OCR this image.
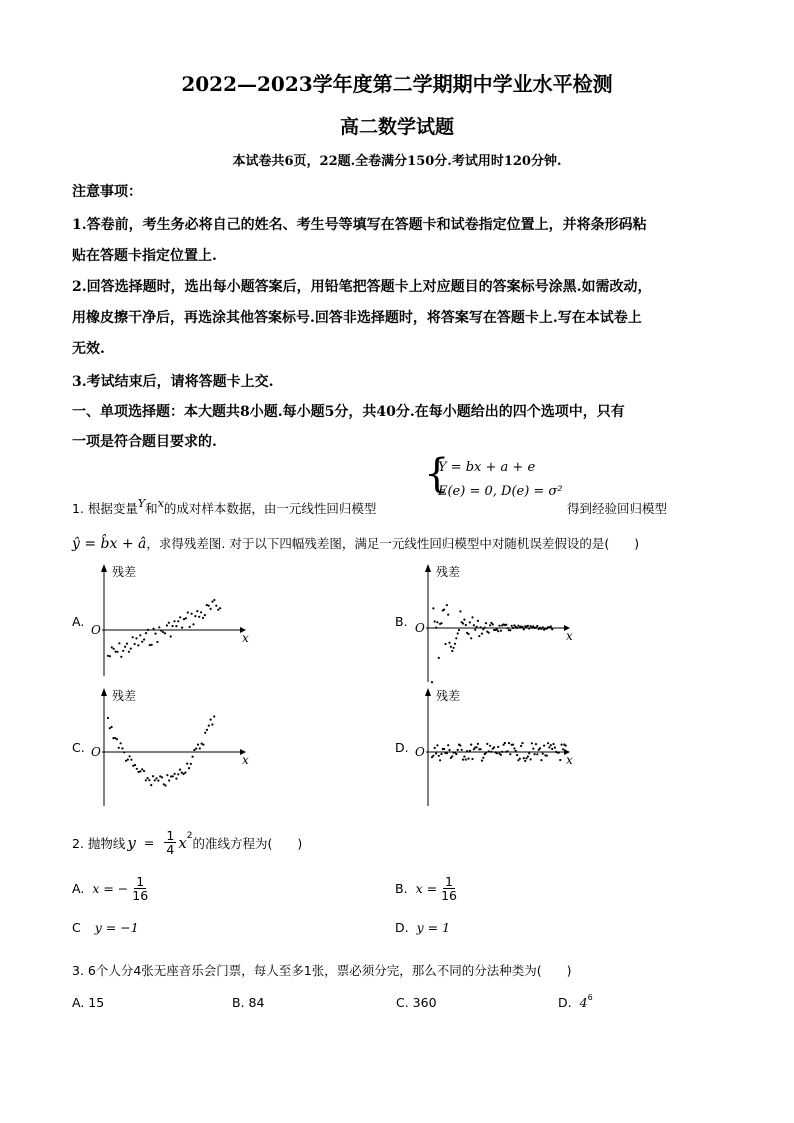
2022—2023学年度第二学期期中学业水平检测
高二数学试题
本试卷共6页，22题.全卷满分150分.考试用时120分钟.
注意事项：
1.答卷前，考生务必将自己的姓名、考生号等填写在答题卡和试卷指定位置上，并将条形码粘
贴在答题卡指定位置上.
2.回答选择题时，选出每小题答案后，用铅笔把答题卡上对应题目的答案标号涂黑.如需改动，
用橡皮擦干净后，再选涂其他答案标号.回答非选择题时，将答案写在答题卡上.写在本试卷上
无效.
3.考试结束后，请将答题卡上交.
一、单项选择题：本大题共8小题.每小题5分，共40分.在每小题给出的四个选项中，只有
一项是符合题目要求的.
{
Y = bx + a + e
E(e) = 0, D(e) = σ²
1. 根据变量Y和x的成对样本数据，由一元线性回归模型	得到经验回归模型
ŷ = b̂x + â，求得残差图. 对于以下四幅残差图，满足一元线性回归模型中对随机误差假设的是(　　)
A.	B.
C.	D.
残差
x
O
残差
x
O
残差
x
O
残差
x
O
2. 抛物线 $y = \frac{1}{4}$ x 2 的准线方程为(　　)
A. x = − $\frac{1}{16}$	B. $x = \frac{1}{16}$
C y = −1	D. y = 1
3. 6个人分4张无座音乐会门票，每人至多1张，票必须分完，那么不同的分法种类为(　　)
A. 15	B. 84	C. 360	D. $4^6$
